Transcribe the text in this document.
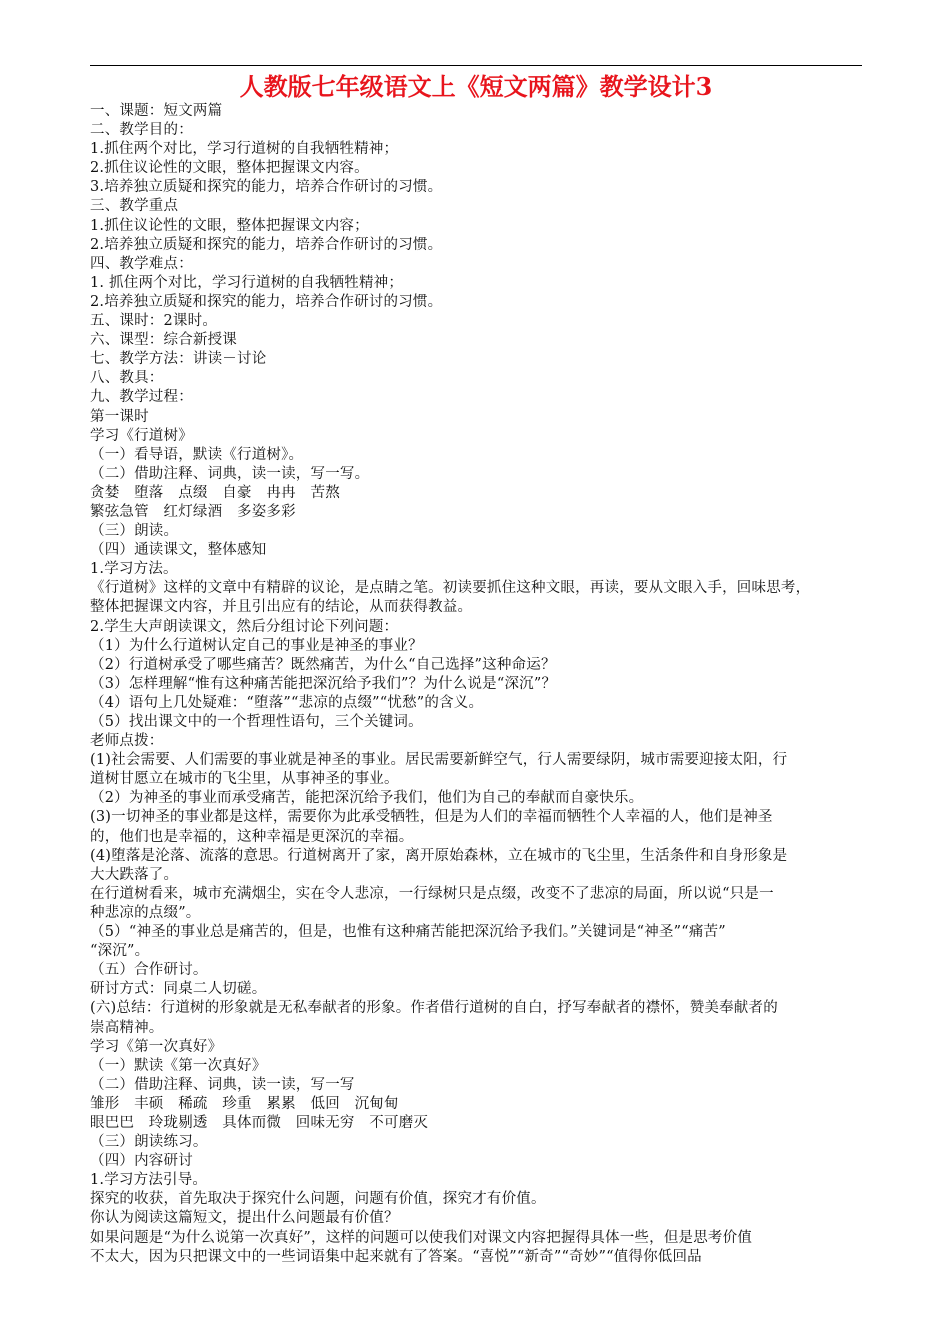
人教版七年级语文上《短文两篇》教学设计3
一、课题：短文两篇
二、教学目的：
1.抓住两个对比，学习行道树的自我牺牲精神；
2.抓住议论性的文眼，整体把握课文内容。
3.培养独立质疑和探究的能力，培养合作研讨的习惯。
三、教学重点
1.抓住议论性的文眼，整体把握课文内容；
2.培养独立质疑和探究的能力，培养合作研讨的习惯。
四、教学难点：
1. 抓住两个对比，学习行道树的自我牺牲精神；
2.培养独立质疑和探究的能力，培养合作研讨的习惯。
五、课时：2课时。
六、课型：综合新授课
七、教学方法：讲读－讨论
八、教具：
九、教学过程：
第一课时
学习《行道树》
（一）看导语，默读《行道树》。
（二）借助注释、词典，读一读，写一写。
贪婪　堕落　点缀　自豪　冉冉　苦熬
繁弦急管　红灯绿酒　多姿多彩
（三）朗读。
（四）通读课文，整体感知
1.学习方法。
《行道树》这样的文章中有精辟的议论，是点睛之笔。初读要抓住这种文眼，再读，要从文眼入手，回味思考，
整体把握课文内容，并且引出应有的结论，从而获得教益。
2.学生大声朗读课文，然后分组讨论下列问题：
（1）为什么行道树认定自己的事业是神圣的事业？
（2）行道树承受了哪些痛苦？既然痛苦，为什么“自己选择”这种命运？
（3）怎样理解“惟有这种痛苦能把深沉给予我们”？为什么说是“深沉”？
（4）语句上几处疑难：“堕落”“悲凉的点缀”“忧愁”的含义。
（5）找出课文中的一个哲理性语句，三个关键词。
老师点拨：
(1)社会需要、人们需要的事业就是神圣的事业。居民需要新鲜空气，行人需要绿阴，城市需要迎接太阳，行
道树甘愿立在城市的飞尘里，从事神圣的事业。
（2）为神圣的事业而承受痛苦，能把深沉给予我们，他们为自己的奉献而自豪快乐。
(3)一切神圣的事业都是这样，需要你为此承受牺牲，但是为人们的幸福而牺牲个人幸福的人，他们是神圣
的，他们也是幸福的，这种幸福是更深沉的幸福。
(4)堕落是沦落、流落的意思。行道树离开了家，离开原始森林，立在城市的飞尘里，生活条件和自身形象是
大大跌落了。
在行道树看来，城市充满烟尘，实在令人悲凉，一行绿树只是点缀，改变不了悲凉的局面，所以说“只是一
种悲凉的点缀”。
（5）“神圣的事业总是痛苦的，但是，也惟有这种痛苦能把深沉给予我们。”关键词是“神圣”“痛苦”
“深沉”。
（五）合作研讨。
研讨方式：同桌二人切磋。
(六)总结：行道树的形象就是无私奉献者的形象。作者借行道树的自白，抒写奉献者的襟怀，赞美奉献者的
崇高精神。
学习《第一次真好》
（一）默读《第一次真好》
（二）借助注释、词典，读一读，写一写
雏形　丰硕　稀疏　珍重　累累　低回　沉甸甸
眼巴巴　玲珑剔透　具体而微　回味无穷　不可磨灭
（三）朗读练习。
（四）内容研讨
1.学习方法引导。
探究的收获，首先取决于探究什么问题，问题有价值，探究才有价值。
你认为阅读这篇短文，提出什么问题最有价值？
如果问题是“为什么说第一次真好”，这样的问题可以使我们对课文内容把握得具体一些，但是思考价值
不太大，因为只把课文中的一些词语集中起来就有了答案。“喜悦”“新奇”“奇妙”“值得你低回品
